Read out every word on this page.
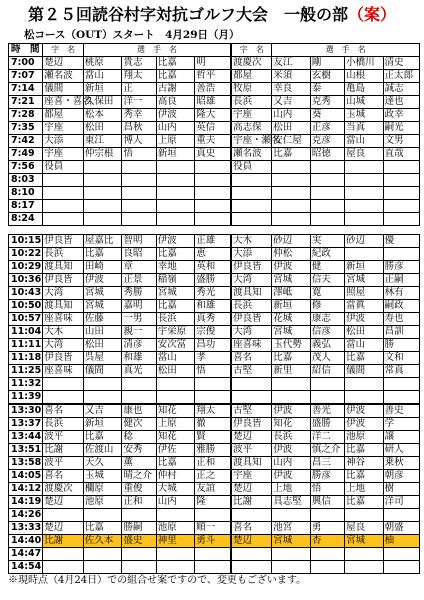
第２５回読谷村字対抗ゴルフ大会　一般の部（案）
松コース（OUT）スタート　4月29日（月）
時　間	字　名	選　手　名				字　名	選　手　名			
7:00	楚辺	桃原	貴志	比嘉	明	渡慶次	友江	剛	小橋川	清史
7:07	瀬名波	當山	翔太	比嘉	哲平	都屋	米須	玄樹	山根	正太郎
7:14	儀間	新垣	正	古謝	善浩	牧原	幸良	泰	亀島	誠志
7:21	座喜・喜名	久保田	洋一	高良	昭雄	長浜	又吉	克秀	山城	達也
7:28	都屋	松本	秀幸	伊波	隆大	宇座	山内	葵	玉城	政幸
7:35	宇座	松田	昌秋	山内	英信	高志保	松田	正彦	当真	嗣光
7:42	大添	東江	博人	上原	重夫	宇座・瀬名	安仁屋	克彦	當山	文男
7:49	宇座	仲宗根	悟	新垣	真史	瀬名波	比嘉	昭徳	屋良	直哉
7:56	役員					役員				
8:03										
8:10										
8:17										
8:24										
10:15	伊良皆	屋嘉比	智明	伊波	正雄	大木	砂辺	実	砂辺	優
10:22	長浜	比嘉	良昭	比嘉	恵	大添	仲松	紀政		
10:29	渡具知	田崎	章	幸地	英和	伊良皆	伊波	健	新垣	勝彦
10:36	伊良皆	伊波	正景	稲嶺	盛勝	大湾	宮城	信夫	宮城	正嗣
10:43	大湾	宮城	秀勝	宮城	秀光	渡具知	澤岻	寛	照屋	林有
10:50	渡具知	宮城	嘉明	比嘉	和雄	長浜	新垣	修	當眞	嗣政
10:57	座喜味	佐藤	一男	長浜	真秀	伊良皆	花城	康志	伊波	寿也
11:04	大木	山田	親一	宇栄原	宗俊	大湾	宮城	信彦	松田	昌訓
11:11	大湾	松田	清彦	安次富	昌功	座喜味	玉代勢	義弘	當山	勝
11:18	伊良皆	呉屋	和雄	當山	孝	喜名	比嘉	茂人	比嘉	文和
11:25	座喜味	儀間	真光	松田	悟	古堅	新里	紹信	儀間	常真
11:32										
11:39										
13:30	喜名	又吉	康也	知花	翔太	古堅	伊波	善光	伊波	善史
13:37	長浜	新垣	健次	上原	徹	伊良皆	知花	盛勝	伊波	学
13:44	波平	比嘉	稔	知花	賢	楚辺	長浜	洋二	池原	譲
13:51	比謝	佐渡山	安秀	伊佐	雅勝	波平	伊波	慎之介	比嘉	研人
13:58	波平	天久	薫	比嘉	正和	渡具知	山内	昌三	神谷	乗秋
14:05	喜名	玉城	晴之介	仲村	正之	宇座	伊波	勝彦	比嘉	朝彦
14:12	渡慶次	欄原	重俊	大城	友誼	楚辺	上地	悟	上地	樹
14:19	楚辺	池原	正和	山内	隆	比謝	具志堅	興信	比嘉	洋司
14:26										
13:33	楚辺	比嘉	勝嗣	池原	順一	喜名	池宮	勇	屋良	朝盛
14:40	比謝	佐久本	盛史	神里	勇斗	楚辺	宮城	杏	宮城	柚
14:47										
14:54										
※現時点（4月24日）での組合せ案ですので、変更もございます。
